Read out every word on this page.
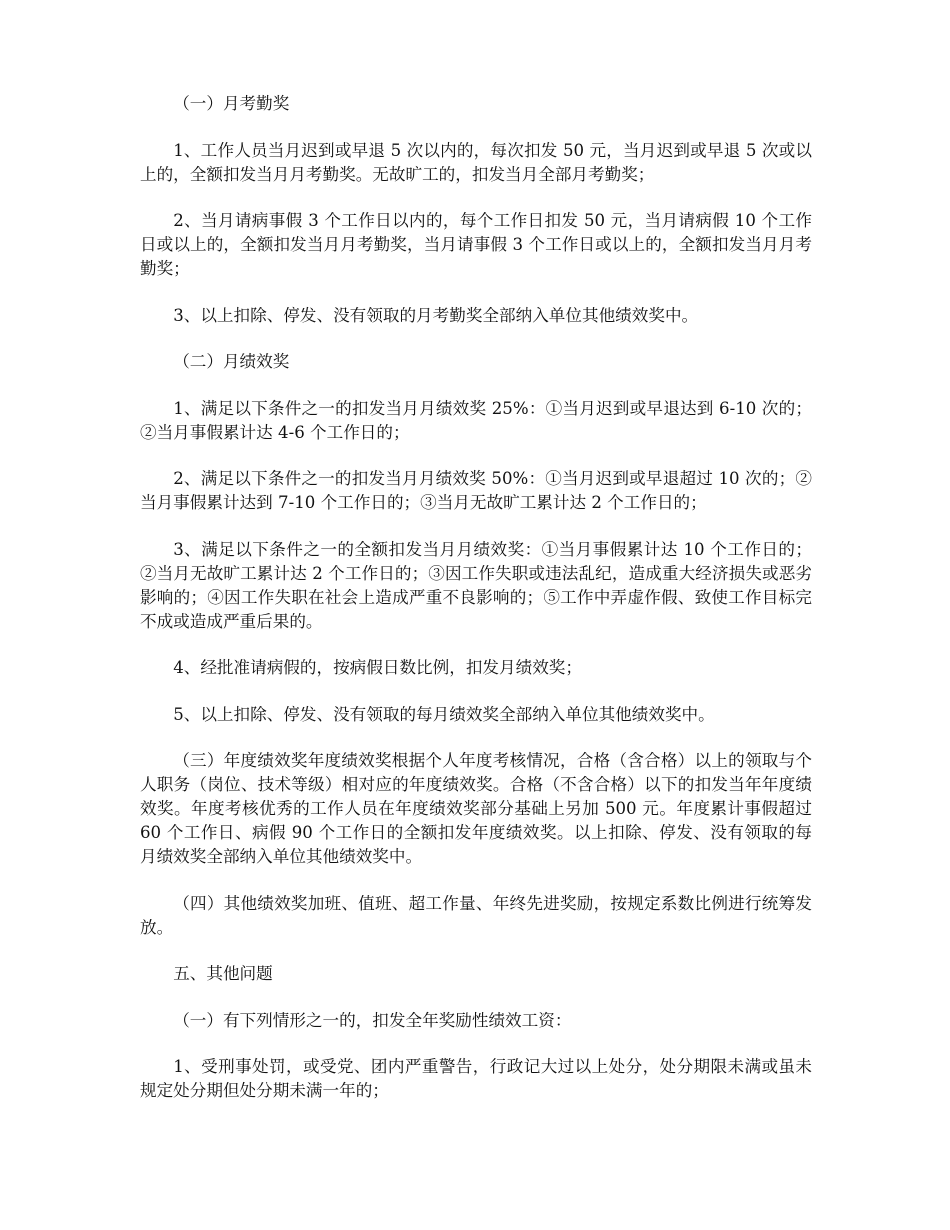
（一）月考勤奖

1、工作人员当月迟到或早退 5 次以内的，每次扣发 50 元，当月迟到或早退 5 次或以上的，全额扣发当月月考勤奖。无故旷工的，扣发当月全部月考勤奖；

2、当月请病事假 3 个工作日以内的，每个工作日扣发 50 元，当月请病假 10 个工作日或以上的，全额扣发当月月考勤奖，当月请事假 3 个工作日或以上的，全额扣发当月月考勤奖；

3、以上扣除、停发、没有领取的月考勤奖全部纳入单位其他绩效奖中。

（二）月绩效奖

1、满足以下条件之一的扣发当月月绩效奖 25%：①当月迟到或早退达到 6-10 次的；②当月事假累计达 4-6 个工作日的；

2、满足以下条件之一的扣发当月月绩效奖 50%：①当月迟到或早退超过 10 次的；②当月事假累计达到 7-10 个工作日的；③当月无故旷工累计达 2 个工作日的；

3、满足以下条件之一的全额扣发当月月绩效奖：①当月事假累计达 10 个工作日的；②当月无故旷工累计达 2 个工作日的；③因工作失职或违法乱纪，造成重大经济损失或恶劣影响的；④因工作失职在社会上造成严重不良影响的；⑤工作中弄虚作假、致使工作目标完不成或造成严重后果的。

4、经批准请病假的，按病假日数比例，扣发月绩效奖；

5、以上扣除、停发、没有领取的每月绩效奖全部纳入单位其他绩效奖中。

（三）年度绩效奖年度绩效奖根据个人年度考核情况，合格（含合格）以上的领取与个人职务（岗位、技术等级）相对应的年度绩效奖。合格（不含合格）以下的扣发当年年度绩效奖。年度考核优秀的工作人员在年度绩效奖部分基础上另加 500 元。年度累计事假超过 60 个工作日、病假 90 个工作日的全额扣发年度绩效奖。以上扣除、停发、没有领取的每月绩效奖全部纳入单位其他绩效奖中。

（四）其他绩效奖加班、值班、超工作量、年终先进奖励，按规定系数比例进行统筹发放。

五、其他问题

（一）有下列情形之一的，扣发全年奖励性绩效工资：

1、受刑事处罚，或受党、团内严重警告，行政记大过以上处分，处分期限未满或虽未规定处分期但处分期未满一年的；
